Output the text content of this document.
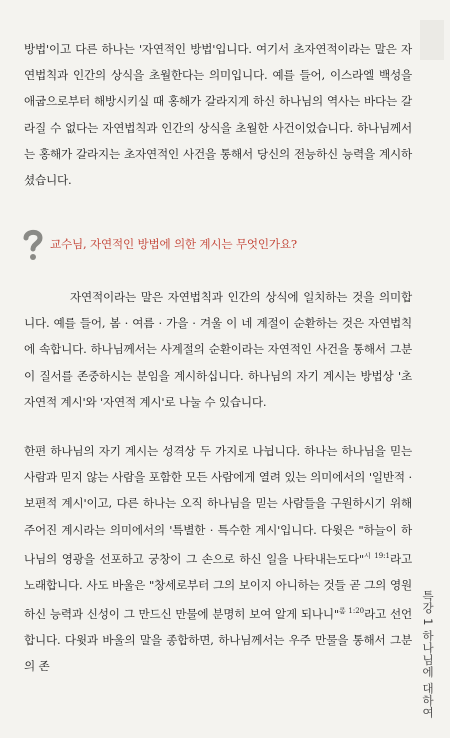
방법'이고 다른 하나는 '자연적인 방법'입니다. 여기서 초자연적이라는 말은 자연법칙과 인간의 상식을 초월한다는 의미입니다. 예를 들어, 이스라엘 백성을 애굽으로부터 해방시키실 때 홍해가 갈라지게 하신 하나님의 역사는 바다는 갈라질 수 없다는 자연법칙과 인간의 상식을 초월한 사건이었습니다. 하나님께서는 홍해가 갈라지는 초자연적인 사건을 통해서 당신의 전능하신 능력을 계시하셨습니다.

교수님, 자연적인 방법에 의한 계시는 무엇인가요?

자연적이라는 말은 자연법칙과 인간의 상식에 일치하는 것을 의미합니다. 예를 들어, 봄 · 여름 · 가을 · 겨울 이 네 계절이 순환하는 것은 자연법칙에 속합니다. 하나님께서는 사계절의 순환이라는 자연적인 사건을 통해서 그분이 질서를 존중하시는 분임을 계시하십니다. 하나님의 자기 계시는 방법상 '초자연적 계시'와 '자연적 계시'로 나눌 수 있습니다.

한편 하나님의 자기 계시는 성격상 두 가지로 나뉩니다. 하나는 하나님을 믿는 사람과 믿지 않는 사람을 포함한 모든 사람에게 열려 있는 의미에서의 '일반적 · 보편적 계시'이고, 다른 하나는 오직 하나님을 믿는 사람들을 구원하시기 위해 주어진 계시라는 의미에서의 '특별한 · 특수한 계시'입니다. 다윗은 "하늘이 하나님의 영광을 선포하고 궁창이 그 손으로 하신 일을 나타내는도다"$^{시 19:1}$라고 노래합니다. 사도 바울은 "창세로부터 그의 보이지 아니하는 것들 곧 그의 영원하신 능력과 신성이 그 만드신 만물에 분명히 보여 알게 되나니"$^{롬 1:20}$라고 선언합니다. 다윗과 바울의 말을 종합하면, 하나님께서는 우주 만물을 통해서 그분의 존	특강 1 하나님에 대하여
